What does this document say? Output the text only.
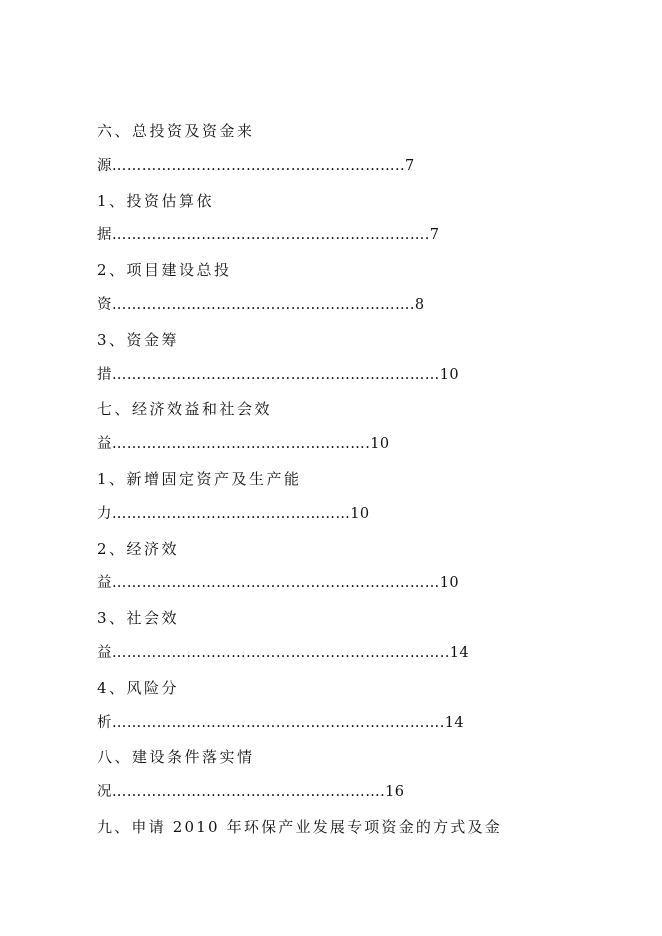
六、总投资及资金来
源…………………………………………………..7
1、投资估算依
据……………………………………………………….7
2、项目建设总投
资…………………………………………………….8
3、资金筹
措…………………………………………………………10
七、经济效益和社会效
益…………………………………………….10
1、新增固定资产及生产能
力…………………………………………10
2、经济效
益…………………………………………………………10
3、社会效
益…………………………………………………………..14
4、风险分
析………………………………………………………….14
八、建设条件落实情
况……………………………………………….16
九、申请 2010 年环保产业发展专项资金的方式及金
